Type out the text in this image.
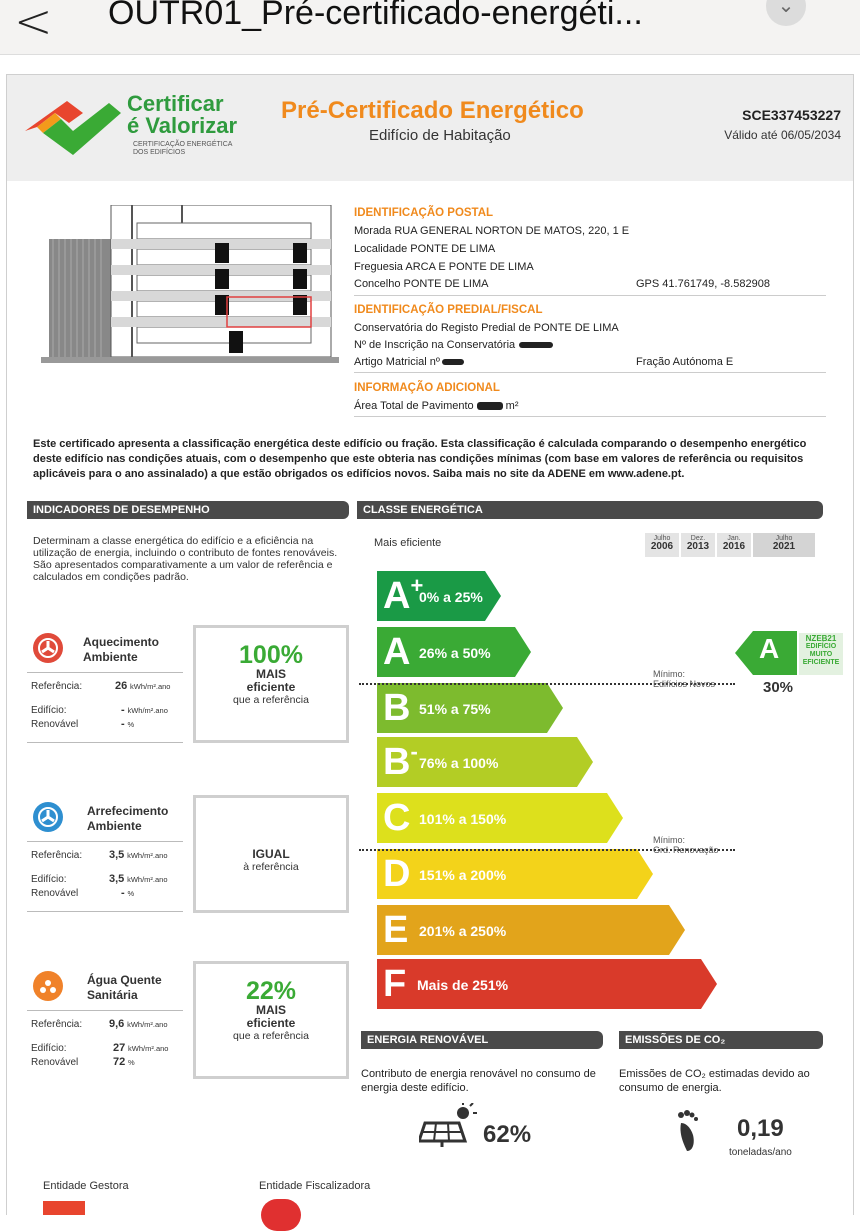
< OUTR01_Pré-certificado-energéti...	⌄
Certificar
é Valorizar
CERTIFICAÇÃO ENERGÉTICA
DOS EDIFÍCIOS
Pré-Certificado Energético
Edifício de Habitação
SCE337453227
Válido até 06/05/2034
IDENTIFICAÇÃO POSTAL
Morada RUA GENERAL NORTON DE MATOS, 220, 1 E
Localidade PONTE DE LIMA
Freguesia ARCA E PONTE DE LIMA
Concelho PONTE DE LIMA	GPS 41.761749, -8.582908
IDENTIFICAÇÃO PREDIAL/FISCAL
Conservatória do Registo Predial de PONTE DE LIMA
Nº de Inscrição na Conservatória
Artigo Matricial nº	Fração Autónoma E
INFORMAÇÃO ADICIONAL
Área Total de Pavimento	m²
Este certificado apresenta a classificação energética deste edifício ou fração. Esta classificação é calculada comparando o desempenho energético deste edifício nas condições atuais, com o desempenho que este obteria nas condições mínimas (com base em valores de referência ou requisitos aplicáveis para o ano assinalado) a que estão obrigados os edifícios novos. Saiba mais no site da ADENE em www.adene.pt.
INDICADORES DE DESEMPENHO
Determinam a classe energética do edifício e a eficiência na utilização de energia, incluindo o contributo de fontes renováveis. São apresentados comparativamente a um valor de referência e calculados em condições padrão.
Aquecimento
Ambiente
Referência:	26 kWh/m².ano
Edifício:	- kWh/m².ano
Renovável	- %
100%
MAIS
eficiente
que a referência
Arrefecimento
Ambiente
Referência: 3,5 kWh/m².ano
Edifício:	3,5 kWh/m².ano
Renovável	- %
IGUAL
à referência
Água Quente
Sanitária
Referência: 9,6 kWh/m².ano
Edifício:	27 kWh/m².ano
Renovável	72 %
22%
MAIS
eficiente
que a referência
CLASSE ENERGÉTICA
Mais eficiente	Julho
2006
Dez.
2013
Jan.
2016
Julho
2021
A+
0% a 25%
A 26% a 50%
B 51% a 75%
B- 76% a 100%
C 101% a 150%
D 151% a 200%
E 201% a 250%
F Mais de 251%
Mínimo:
Edifícios Novos
Mínimo:
Grd. Renovação
A
30%
NZEB21
EDIFÍCIO
MUITO
EFICIENTE
ENERGIA RENOVÁVEL
Contributo de energia renovável no consumo de energia deste edifício.
62%
EMISSÕES DE CO₂
Emissões de CO₂ estimadas devido ao consumo de energia.
0,19
toneladas/ano
Entidade Gestora	Entidade Fiscalizadora
